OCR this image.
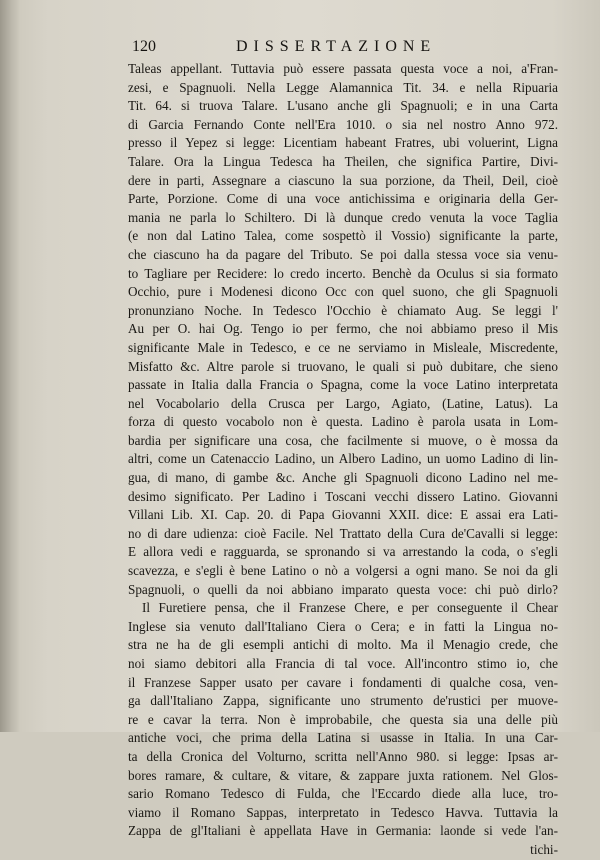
120	DISSERTAZIONE
Taleas appellant. Tuttavia può essere passata questa voce a noi, a'Fran-
zesi, e Spagnuoli. Nella Legge Alamannica Tit. 34. e nella Ripuaria
Tit. 64. si truova Talare. L'usano anche gli Spagnuoli; e in una Carta
di Garcia Fernando Conte nell'Era 1010. o sia nel nostro Anno 972.
presso il Yepez si legge: Licentiam habeant Fratres, ubi voluerint, Ligna
Talare. Ora la Lingua Tedesca ha Theilen, che significa Partire, Divi-
dere in parti, Assegnare a ciascuno la sua porzione, da Theil, Deil, cioè
Parte, Porzione. Come di una voce antichissima e originaria della Ger-
mania ne parla lo Schiltero. Di là dunque credo venuta la voce Taglia
(e non dal Latino Talea, come sospettò il Vossio) significante la parte,
che ciascuno ha da pagare del Tributo. Se poi dalla stessa voce sia venu-
to Tagliare per Recidere: lo credo incerto. Benchè da Oculus si sia formato
Occhio, pure i Modenesi dicono Occ con quel suono, che gli Spagnuoli
pronunziano Noche. In Tedesco l'Occhio è chiamato Aug. Se leggi l'
Au per O. hai Og. Tengo io per fermo, che noi abbiamo preso il Mis
significante Male in Tedesco, e ce ne serviamo in Misleale, Miscredente,
Misfatto &c. Altre parole si truovano, le quali si può dubitare, che sieno
passate in Italia dalla Francia o Spagna, come la voce Latino interpretata
nel Vocabolario della Crusca per Largo, Agiato, (Latine, Latus). La
forza di questo vocabolo non è questa. Ladino è parola usata in Lom-
bardia per significare una cosa, che facilmente si muove, o è mossa da
altri, come un Catenaccio Ladino, un Albero Ladino, un uomo Ladino di lin-
gua, di mano, di gambe &c. Anche gli Spagnuoli dicono Ladino nel me-
desimo significato. Per Ladino i Toscani vecchi dissero Latino. Giovanni
Villani Lib. XI. Cap. 20. di Papa Giovanni XXII. dice: E assai era Lati-
no di dare udienza: cioè Facile. Nel Trattato della Cura de'Cavalli si legge:
E allora vedi e ragguarda, se spronando si va arrestando la coda, o s'egli
scavezza, e s'egli è bene Latino o nò a volgersi a ogni mano. Se noi da gli
Spagnuoli, o quelli da noi abbiano imparato questa voce: chi può dirlo?
Il Furetiere pensa, che il Franzese Chere, e per conseguente il Chear
Inglese sia venuto dall'Italiano Ciera o Cera; e in fatti la Lingua no-
stra ne ha de gli esempli antichi di molto. Ma il Menagio crede, che
noi siamo debitori alla Francia di tal voce. All'incontro stimo io, che
il Franzese Sapper usato per cavare i fondamenti di qualche cosa, ven-
ga dall'Italiano Zappa, significante uno strumento de'rustici per muove-
re e cavar la terra. Non è improbabile, che questa sia una delle più
antiche voci, che prima della Latina si usasse in Italia. In una Car-
ta della Cronica del Volturno, scritta nell'Anno 980. si legge: Ipsas ar-
bores ramare, & cultare, & vitare, & zappare juxta rationem. Nel Glos-
sario Romano Tedesco di Fulda, che l'Eccardo diede alla luce, tro-
viamo il Romano Sappas, interpretato in Tedesco Havva. Tuttavia la
Zappa de gl'Italiani è appellata Have in Germania: laonde si vede l'an-
tichi-
